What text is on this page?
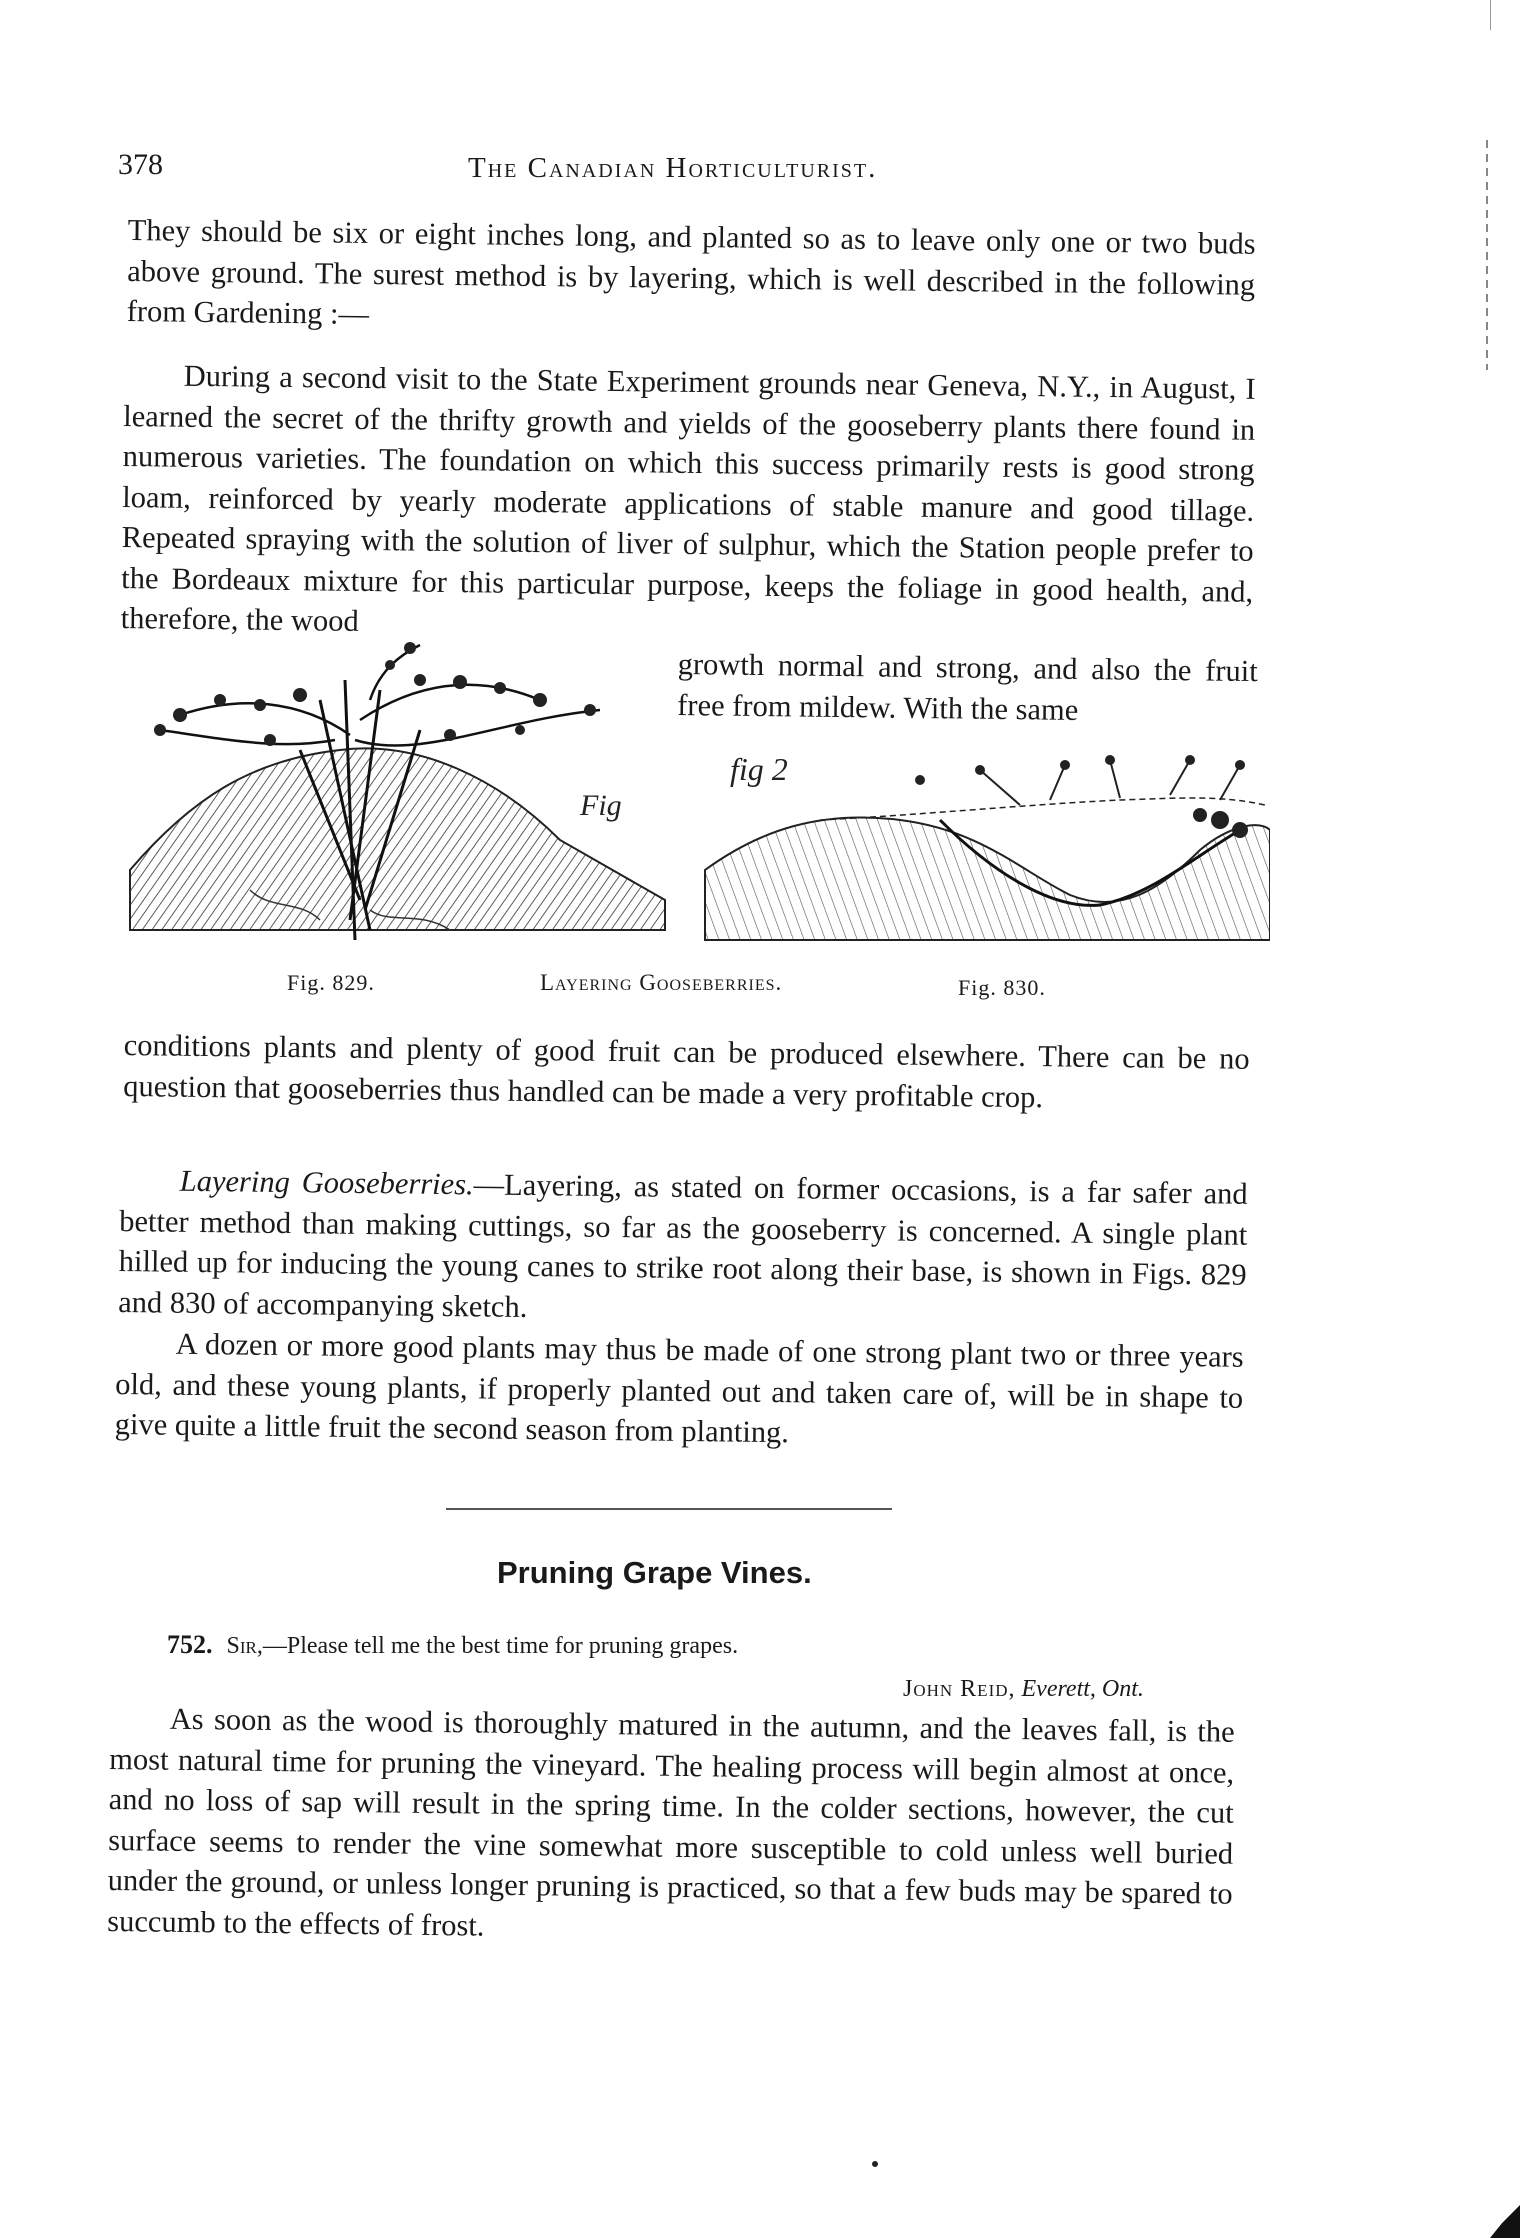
378	The Canadian Horticulturist.

They should be six or eight inches long, and planted so as to leave only one or two buds above ground. The surest method is by layering, which is well described in the following from Gardening :—

During a second visit to the State Experiment grounds near Geneva, N.Y., in August, I learned the secret of the thrifty growth and yields of the gooseberry plants there found in numerous varieties. The foundation on which this success primarily rests is good strong loam, reinforced by yearly moderate applications of stable manure and good tillage. Repeated spraying with the solution of liver of sulphur, which the Station people prefer to the Bordeaux mixture for this particular purpose, keeps the foliage in good health, and, therefore, the wood

growth normal and strong, and also the fruit free from mildew. With the same

Fig
fig 2
Fig. 829.	Layering Gooseberries.	Fig. 830.

conditions plants and plenty of good fruit can be produced elsewhere. There can be no question that gooseberries thus handled can be made a very profitable crop.

Layering Gooseberries.—Layering, as stated on former occasions, is a far safer and better method than making cuttings, so far as the gooseberry is concerned. A single plant hilled up for inducing the young canes to strike root along their base, is shown in Figs. 829 and 830 of accompanying sketch.

A dozen or more good plants may thus be made of one strong plant two or three years old, and these young plants, if properly planted out and taken care of, will be in shape to give quite a little fruit the second season from planting.

Pruning Grape Vines.
752. Sir,—Please tell me the best time for pruning grapes.
John Reid, Everett, Ont.

As soon as the wood is thoroughly matured in the autumn, and the leaves fall, is the most natural time for pruning the vineyard. The healing process will begin almost at once, and no loss of sap will result in the spring time. In the colder sections, however, the cut surface seems to render the vine somewhat more susceptible to cold unless well buried under the ground, or unless longer pruning is practiced, so that a few buds may be spared to succumb to the effects of frost.
